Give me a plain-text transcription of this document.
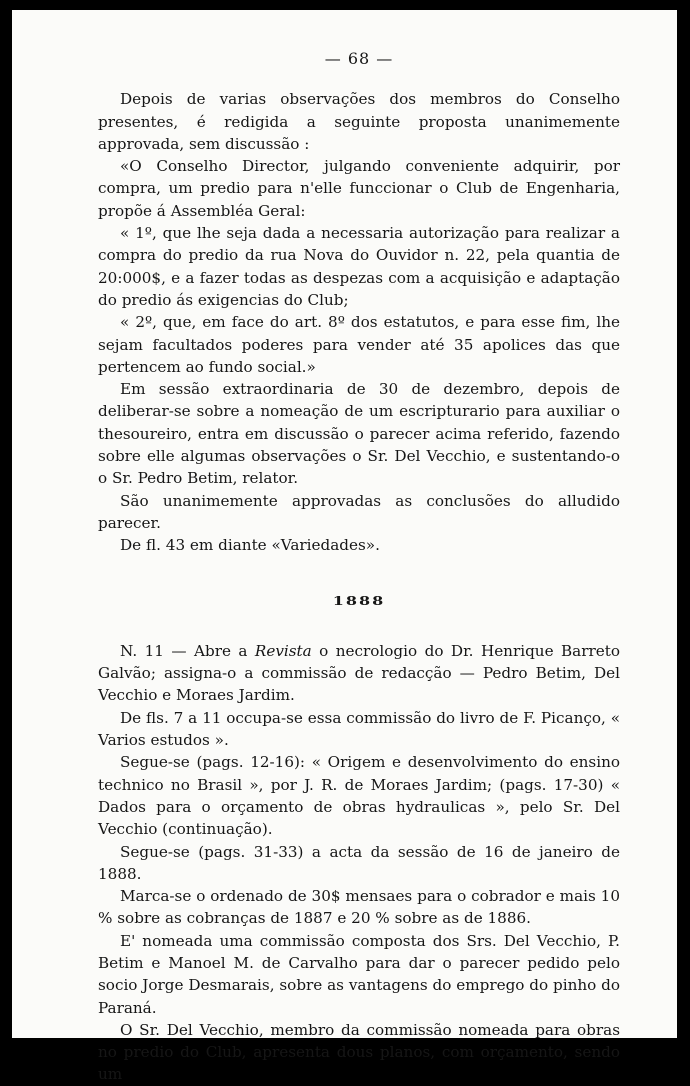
— 68 —

Depois de varias observações dos membros do Conselho presentes, é redigida a seguinte proposta unanimemente approvada, sem discussão :

«O Conselho Director, julgando conveniente adquirir, por compra, um predio para n'elle funccionar o Club de Engenharia, propõe á Assembléa Geral:

« 1º, que lhe seja dada a necessaria autorização para realizar a compra do predio da rua Nova do Ouvidor n. 22, pela quantia de 20:000$, e a fazer todas as despezas com a acquisição e adaptação do predio ás exigencias do Club;

« 2º, que, em face do art. 8º dos estatutos, e para esse fim, lhe sejam facultados poderes para vender até 35 apolices das que pertencem ao fundo social.»

Em sessão extraordinaria de 30 de dezembro, depois de deliberar-se sobre a nomeação de um escripturario para auxiliar o thesoureiro, entra em discussão o parecer acima referido, fazendo sobre elle algumas observações o Sr. Del Vecchio, e sustentando-o o Sr. Pedro Betim, relator.

São unanimemente approvadas as conclusões do alludido parecer.

De fl. 43 em diante «Variedades».

1888

N. 11 — Abre a Revista o necrologio do Dr. Henrique Barreto Galvão; assigna-o a commissão de redacção — Pedro Betim, Del Vecchio e Moraes Jardim.

De fls. 7 a 11 occupa-se essa commissão do livro de F. Picanço, « Varios estudos ».

Segue-se (pags. 12-16): « Origem e desenvolvimento do ensino technico no Brasil », por J. R. de Moraes Jardim; (pags. 17-30) « Dados para o orçamento de obras hydraulicas », pelo Sr. Del Vecchio (continuação).

Segue-se (pags. 31-33) a acta da sessão de 16 de janeiro de 1888.

Marca-se o ordenado de 30$ mensaes para o cobrador e mais 10 % sobre as cobranças de 1887 e 20 % sobre as de 1886.

E' nomeada uma commissão composta dos Srs. Del Vecchio, P. Betim e Manoel M. de Carvalho para dar o parecer pedido pelo socio Jorge Desmarais, sobre as vantagens do emprego do pinho do Paraná.

O Sr. Del Vecchio, membro da commissão nomeada para obras no predio do Club, apresenta dous planos, com orçamento, sendo um
